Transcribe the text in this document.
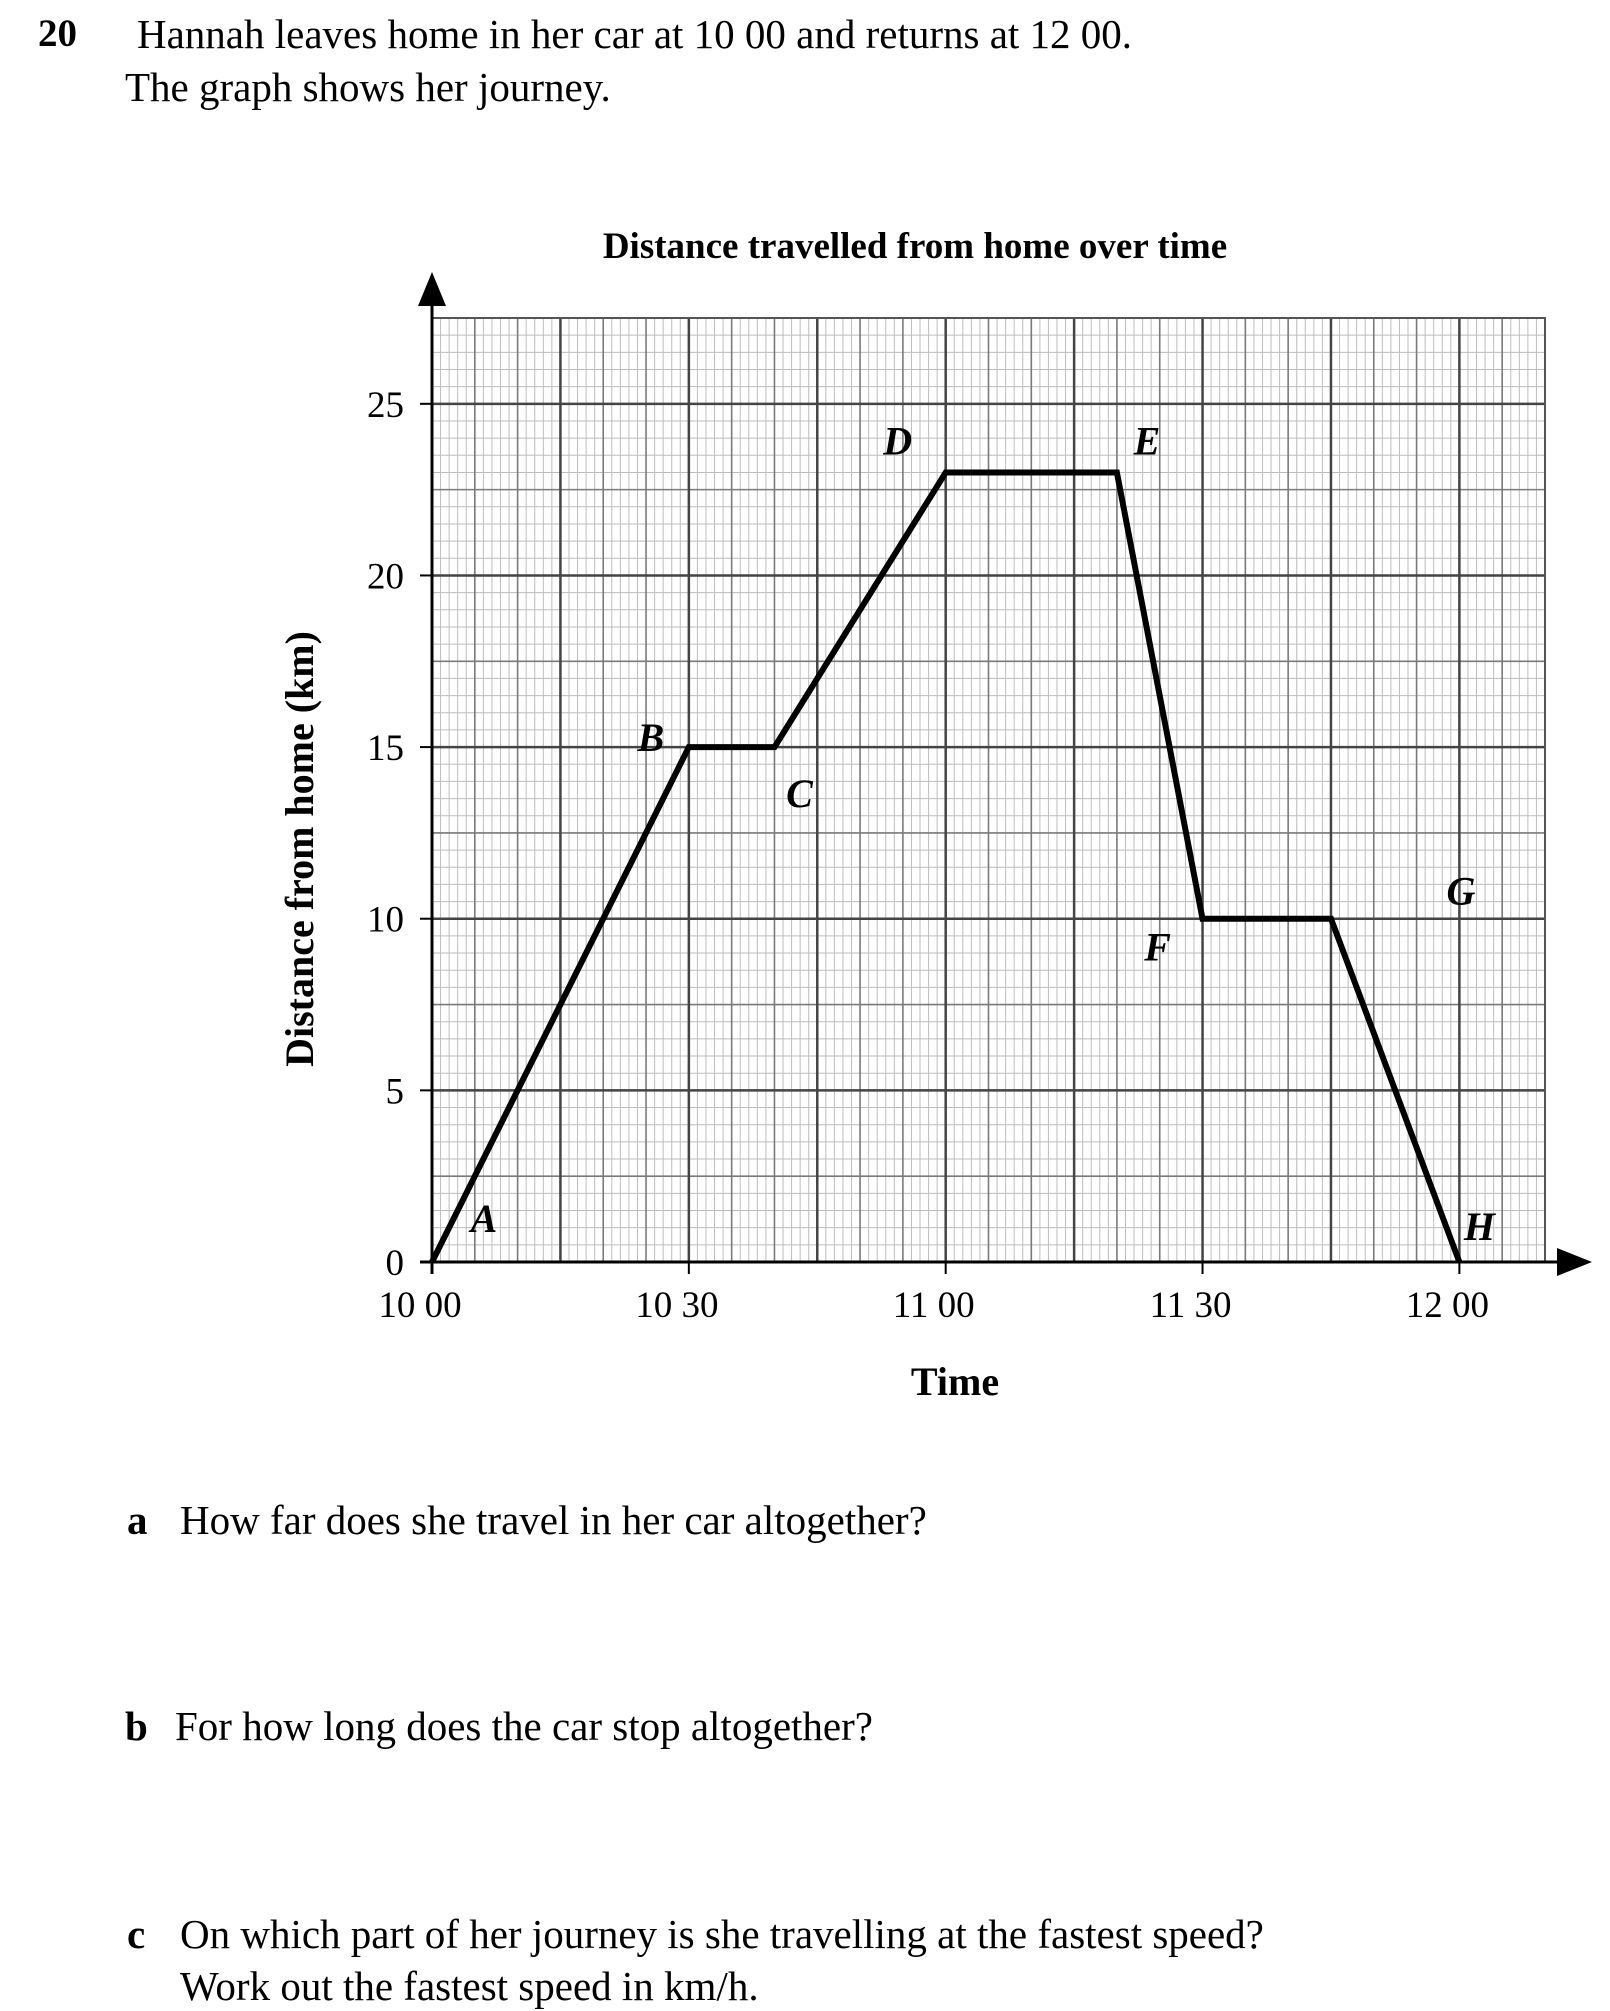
20 Hannah leaves home in her car at 10 00 and returns at 12 00.
The graph shows her journey.
Distance travelled from home over time
0
5
10
15
20
25
10 00	10 30	11 00	11 30	12 00
A
B
C
D	E
F
G
H
Time
Distance from home (km)
a How far does she travel in her car altogether?
b For how long does the car stop altogether?
c On which part of her journey is she travelling at the fastest speed?
Work out the fastest speed in km/h.
